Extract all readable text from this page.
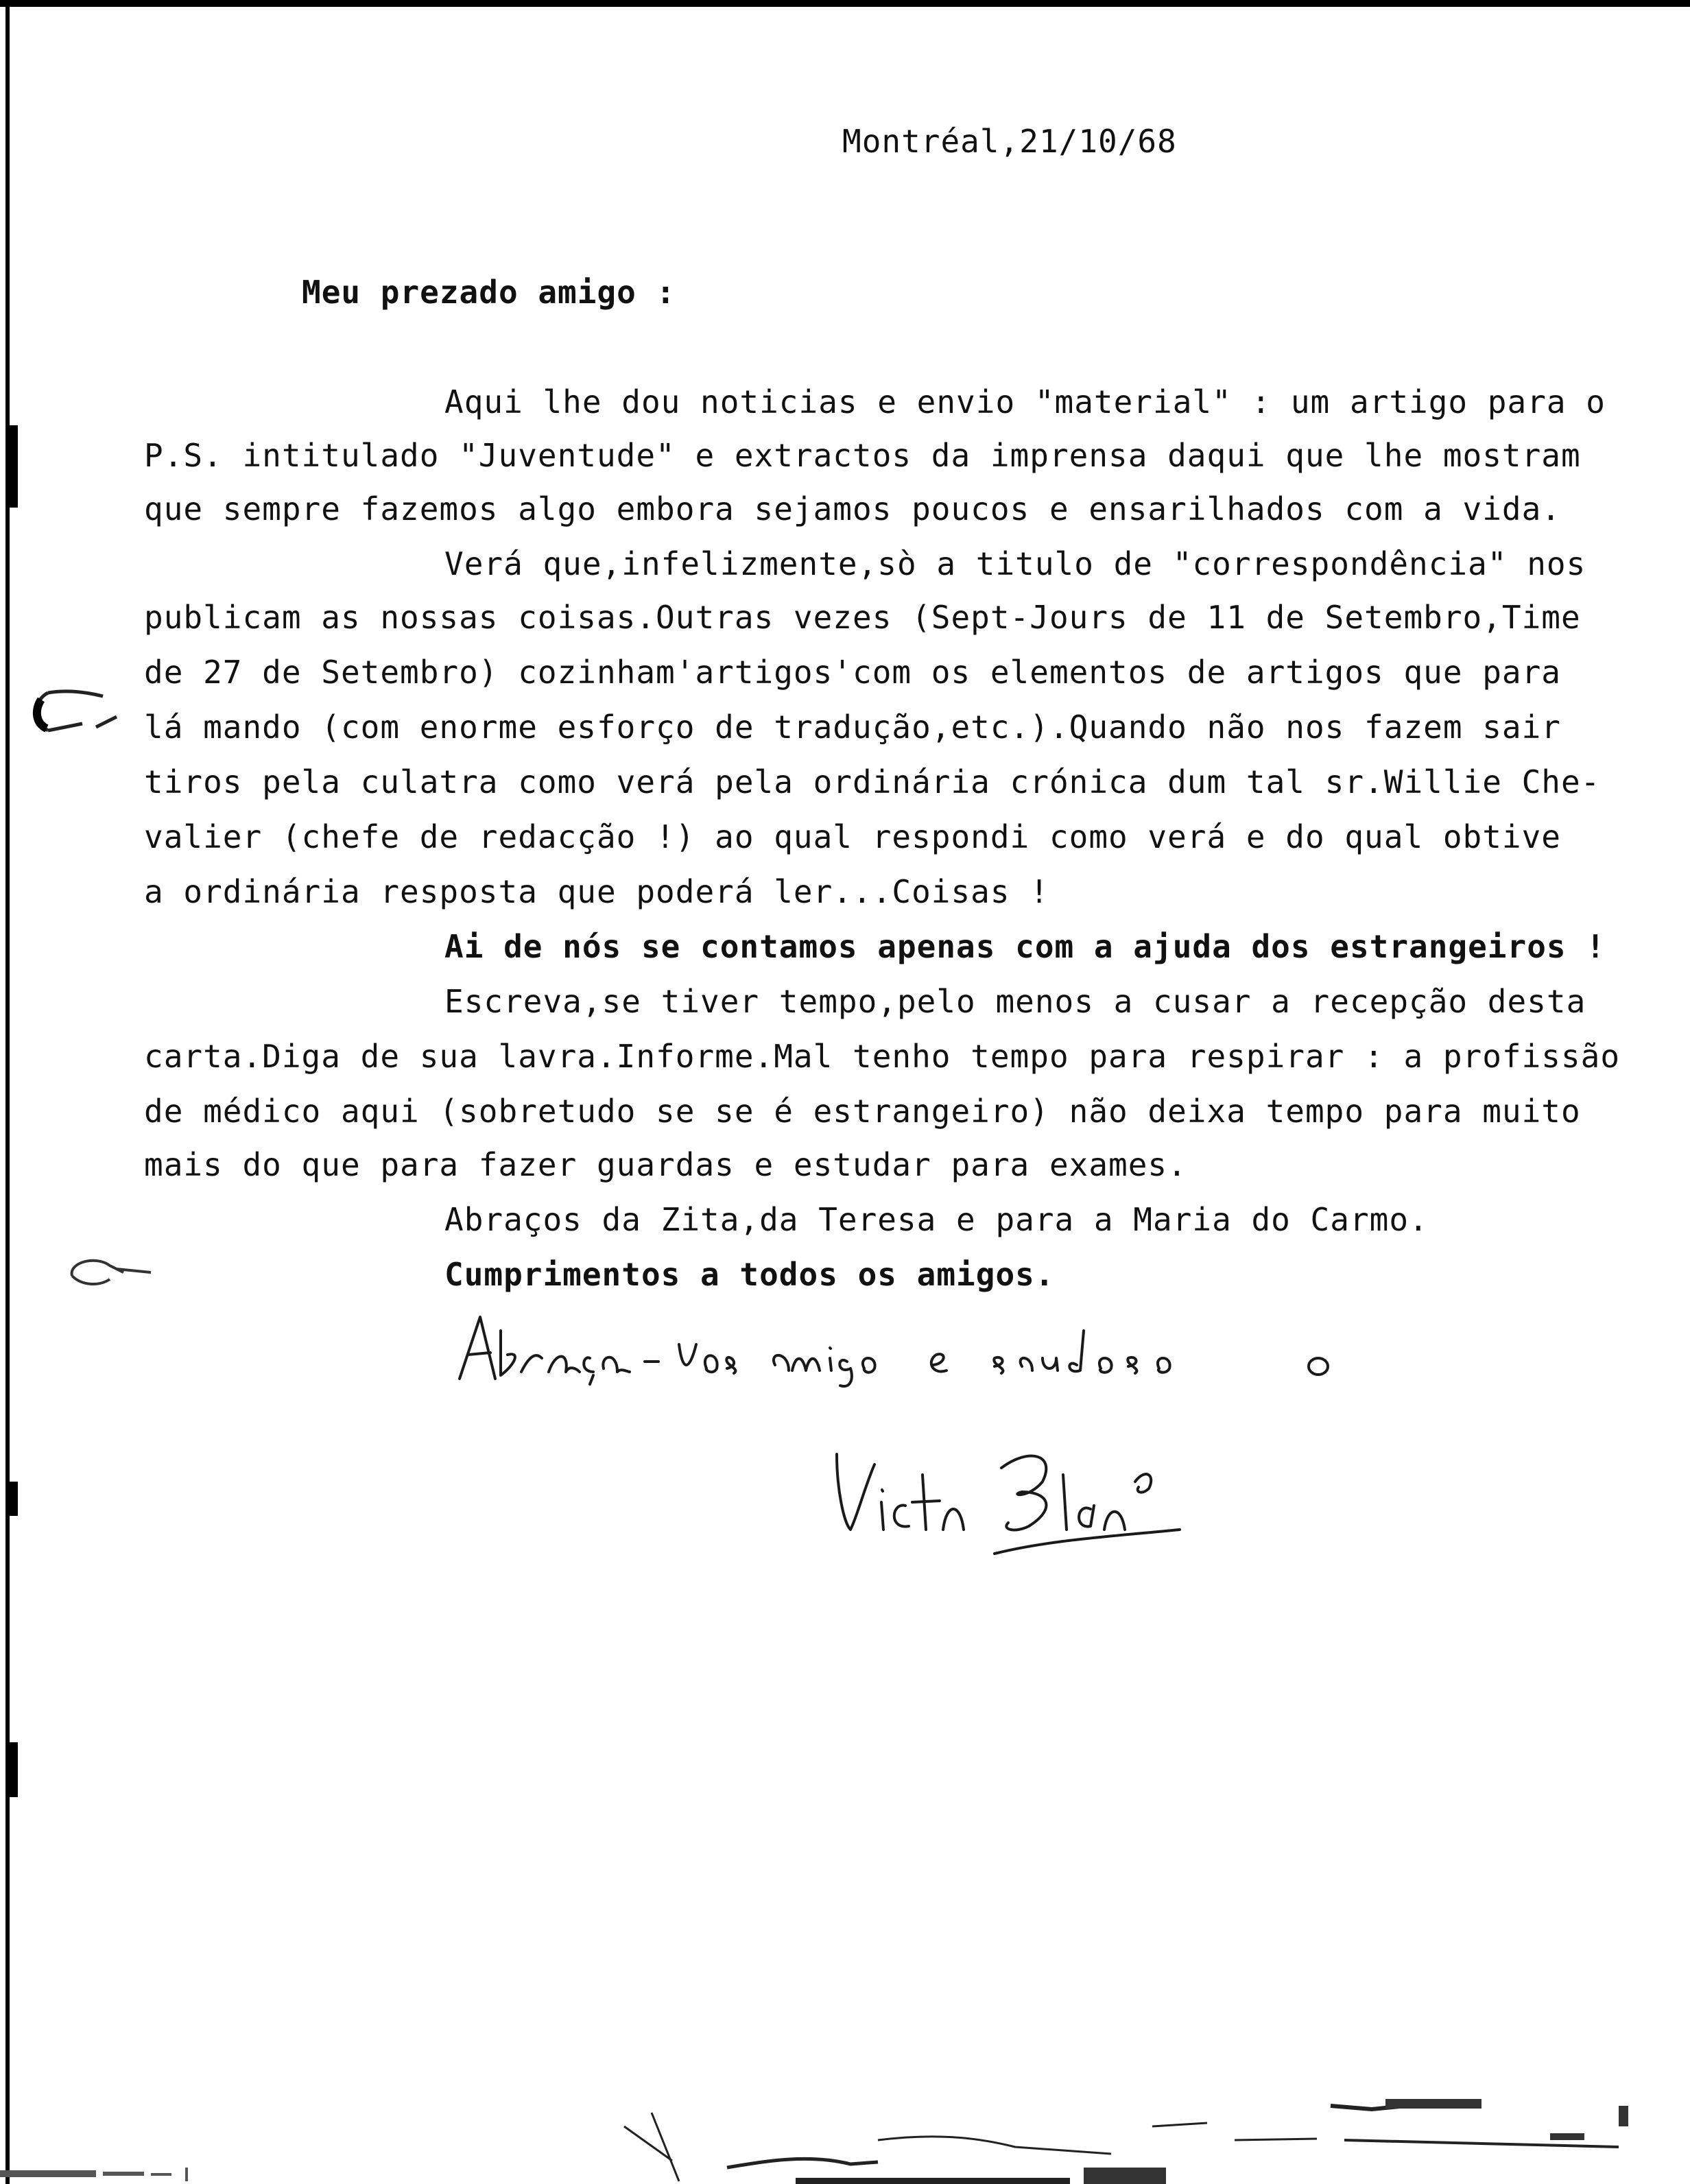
Montréal,21/10/68
Meu prezado amigo :
Aqui lhe dou noticias e envio "material" : um artigo para o
P.S. intitulado "Juventude" e extractos da imprensa daqui que lhe mostram
que sempre fazemos algo embora sejamos poucos e ensarilhados com a vida.
Verá que,infelizmente,sò a titulo de "correspondência" nos
publicam as nossas coisas.Outras vezes (Sept-Jours de 11 de Setembro,Time
de 27 de Setembro) cozinham'artigos'com os elementos de artigos que para
lá mando (com enorme esforço de tradução,etc.).Quando não nos fazem sair
tiros pela culatra como verá pela ordinária crónica dum tal sr.Willie Che-
valier (chefe de redacção !) ao qual respondi como verá e do qual obtive
a ordinária resposta que poderá ler...Coisas !
Ai de nós se contamos apenas com a ajuda dos estrangeiros !
Escreva,se tiver tempo,pelo menos a cusar a recepção desta
carta.Diga de sua lavra.Informe.Mal tenho tempo para respirar : a profissão
de médico aqui (sobretudo se se é estrangeiro) não deixa tempo para muito
mais do que para fazer guardas e estudar para exames.
Abraços da Zita,da Teresa e para a Maria do Carmo.
Cumprimentos a todos os amigos.
